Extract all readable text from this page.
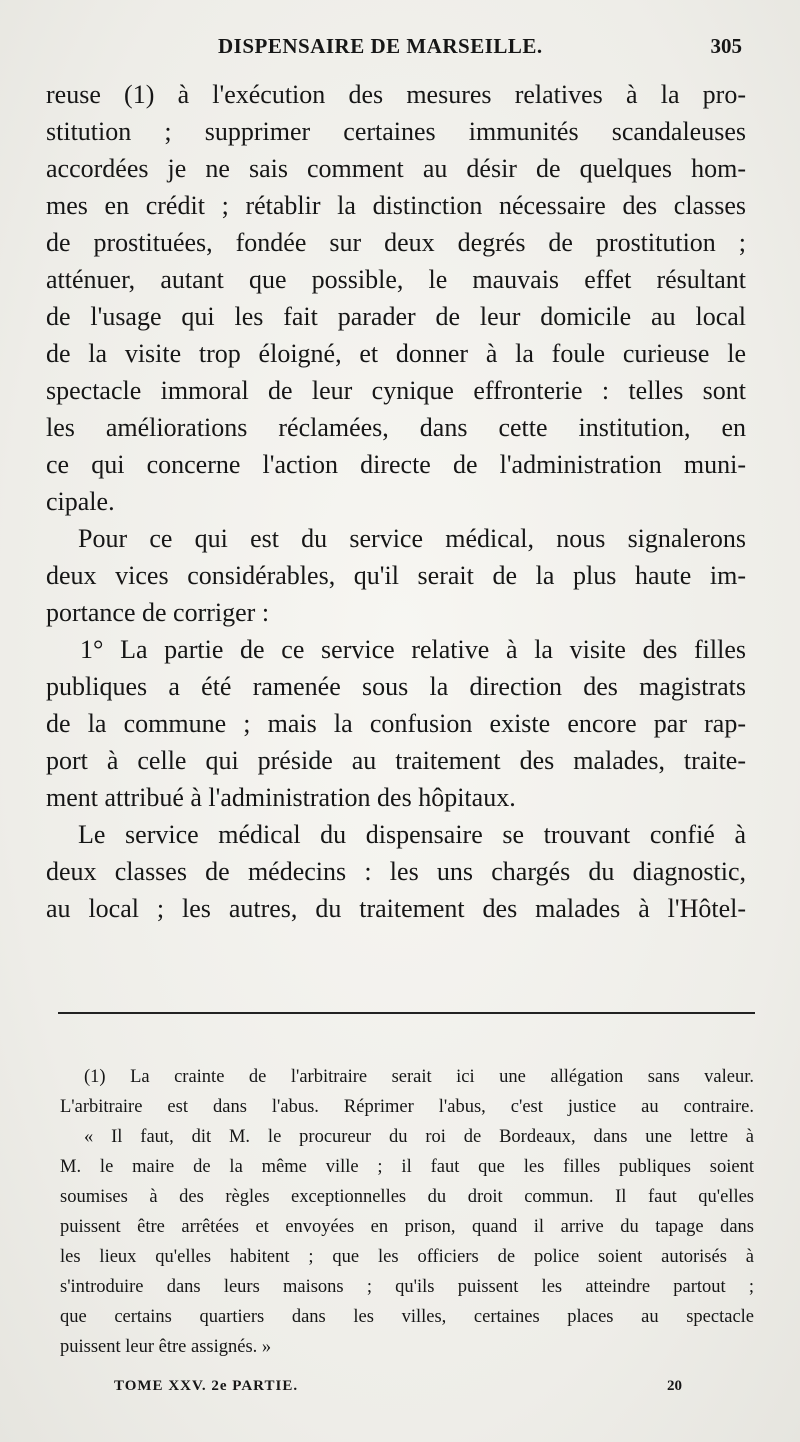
DISPENSAIRE DE MARSEILLE.	305
reuse (1) à l'exécution des mesures relatives à la pro-
stitution ; supprimer certaines immunités scandaleuses
accordées je ne sais comment au désir de quelques hom-
mes en crédit ; rétablir la distinction nécessaire des classes
de prostituées, fondée sur deux degrés de prostitution ;
atténuer, autant que possible, le mauvais effet résultant
de l'usage qui les fait parader de leur domicile au local
de la visite trop éloigné, et donner à la foule curieuse le
spectacle immoral de leur cynique effronterie : telles sont
les améliorations réclamées, dans cette institution, en
ce qui concerne l'action directe de l'administration muni-
cipale.
Pour ce qui est du service médical, nous signalerons
deux vices considérables, qu'il serait de la plus haute im-
portance de corriger :
1° La partie de ce service relative à la visite des filles
publiques a été ramenée sous la direction des magistrats
de la commune ; mais la confusion existe encore par rap-
port à celle qui préside au traitement des malades, traite-
ment attribué à l'administration des hôpitaux.
Le service médical du dispensaire se trouvant confié à
deux classes de médecins : les uns chargés du diagnostic,
au local ; les autres, du traitement des malades à l'Hôtel-
(1) La crainte de l'arbitraire serait ici une allégation sans valeur.
L'arbitraire est dans l'abus. Réprimer l'abus, c'est justice au contraire.
« Il faut, dit M. le procureur du roi de Bordeaux, dans une lettre à
M. le maire de la même ville ; il faut que les filles publiques soient
soumises à des règles exceptionnelles du droit commun. Il faut qu'elles
puissent être arrêtées et envoyées en prison, quand il arrive du tapage dans
les lieux qu'elles habitent ; que les officiers de police soient autorisés à
s'introduire dans leurs maisons ; qu'ils puissent les atteindre partout ;
que certains quartiers dans les villes, certaines places au spectacle
puissent leur être assignés. »
TOME XXV. 2e PARTIE.	20
